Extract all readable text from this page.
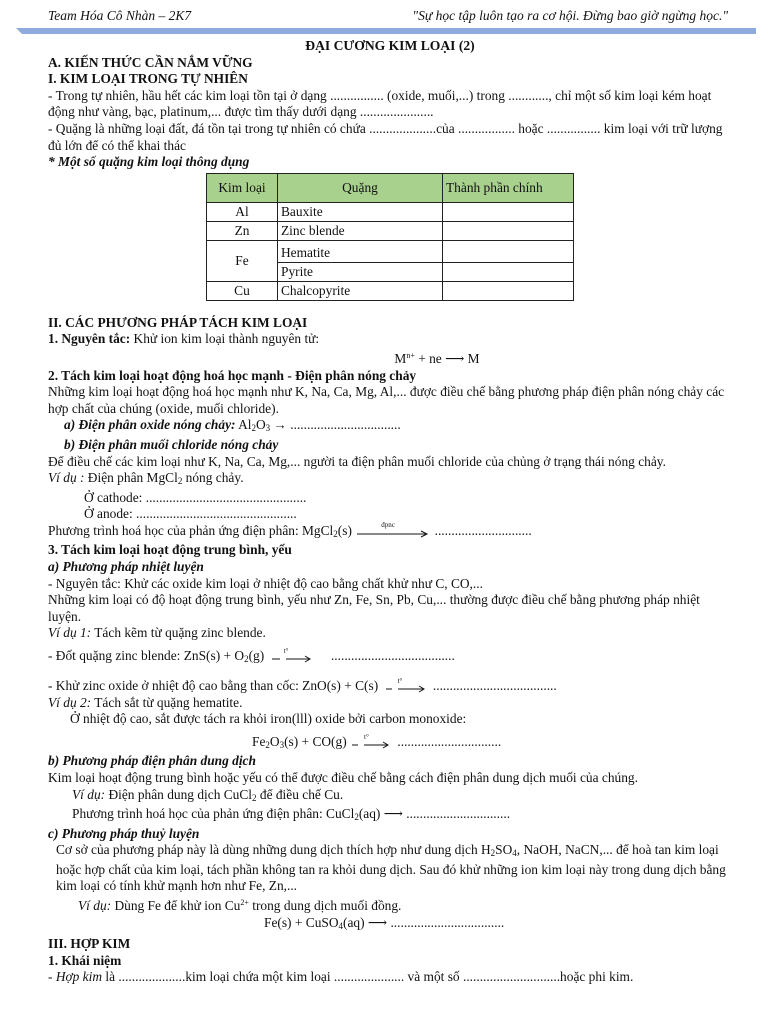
Team Hóa Cô Nhàn – 2K7	"Sự học tập luôn tạo ra cơ hội. Đừng bao giờ ngừng học."

ĐẠI CƯƠNG KIM LOẠI (2)

A. KIẾN THỨC CẦN NẮM VỮNG

I. KIM LOẠI TRONG TỰ NHIÊN

- Trong tự nhiên, hầu hết các kim loại tồn tại ở dạng ................ (oxide, muối,...) trong ............, chỉ một số kim loại kém hoạt động như vàng, bạc, platinum,... được tìm thấy dưới dạng ......................

- Quặng là những loại đất, đá tồn tại trong tự nhiên có chứa ....................của ................. hoặc ................ kim loại với trữ lượng đủ lớn để có thể khai thác

* Một số quặng kim loại thông dụng

Kim loại	Quặng	Thành phần chính
Al	Bauxite	
Zn	Zinc blende	
Fe	Hematite	
	Pyrite	
Cu	Chalcopyrite	

II. CÁC PHƯƠNG PHÁP TÁCH KIM LOẠI

1. Nguyên tắc: Khử ion kim loại thành nguyên tử:

$M^{n+}$ + ne ⟶ M

2. Tách kim loại hoạt động hoá học mạnh - Điện phân nóng chảy

Những kim loại hoạt động hoá học mạnh như K, Na, Ca, Mg, Al,... được điều chế bằng phương pháp điện phân nóng chảy các hợp chất của chúng (oxide, muối chloride).

a) Điện phân oxide nóng chảy: $Al_2O_3$ → .................................

b) Điện phân muối chloride nóng chảy

Để điều chế các kim loại như K, Na, Ca, Mg,... người ta điện phân muối chloride của chủng ở trạng thái nóng chảy.

Ví dụ : Điện phân MgCl$_2$ nóng chảy.

Ở cathode: ................................................

Ở anode: ................................................

Phương trình hoá học của phản ứng điện phân: MgCl$_2$(s)	đpnc	.............................

3. Tách kim loại hoạt động trung bình, yếu

a) Phương pháp nhiệt luyện

- Nguyên tắc: Khử các oxide kim loại ở nhiệt độ cao bằng chất khử như C, CO,...

Những kim loại có độ hoạt động trung bình, yếu như Zn, Fe, Sn, Pb, Cu,... thường được điều chế bằng phương pháp nhiệt luyện.

Ví dụ 1: Tách kẽm từ quặng zinc blende.

- Đốt quặng zinc blende: $ZnS(s) + O_2(g)$	t°	.....................................

- Khử zinc oxide ở nhiệt độ cao bằng than cốc: ZnO(s) + C(s)	t° .....................................

Ví dụ 2: Tách sắt từ quặng hematite.

Ở nhiệt độ cao, sắt được tách ra khỏi iron(lll) oxide bởi carbon monoxide:

$Fe_2O_3(s) + CO(g)$ t° ...............................

b) Phương pháp điện phân dung dịch

Kim loại hoạt động trung bình hoặc yếu có thể được điều chế bằng cách điện phân dung dịch muối của chúng.

Ví dụ: Điện phân dung dịch CuCl$_2$ để điều chế Cu.

Phương trình hoá học của phản ứng điện phân: CuCl$_2$(aq) ⟶ ...............................

c) Phương pháp thuỷ luyện

Cơ sở của phương pháp này là dùng những dung dịch thích hợp như dung dịch $H_2SO_4$, NaOH, NaCN,... để hoà tan kim loại hoặc hợp chất của kim loại, tách phần không tan ra khỏi dung dịch. Sau đó khử những ion kim loại này trong dung dịch bằng kim loại có tính khử mạnh hơn như Fe, Zn,...

Ví dụ: Dùng Fe để khử ion $Cu^{2+}$ trong dung dịch muối đồng.

Fe(s) + CuSO$_4$(aq) ⟶ ..................................

III. HỢP KIM

1. Khái niệm

- Hợp kim là ....................kim loại chứa một kim loại ..................... và một số .............................hoặc phi kim.
